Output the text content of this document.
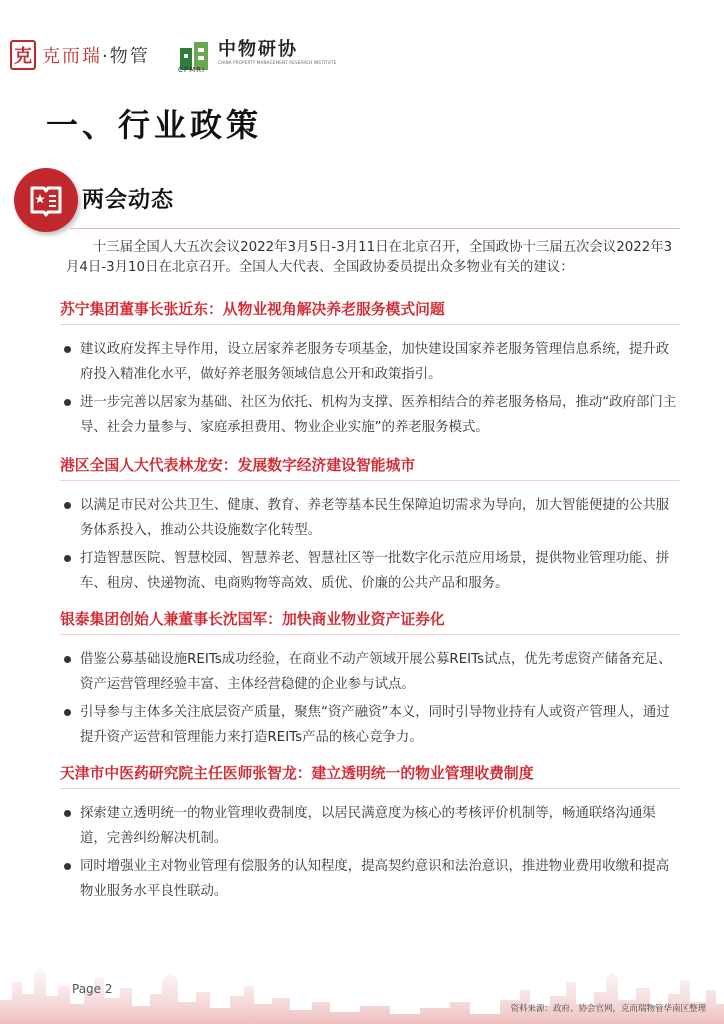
克 克而瑞·物管	中物研协
CHINA PROPERTY MANAGEMENT RESEARCH INSTITUTE
CPMRI
一、行业政策
两会动态

十三届全国人大五次会议2022年3月5日-3月11日在北京召开，全国政协十三届五次会议2022年3月4日-3月10日在北京召开。全国人大代表、全国政协委员提出众多物业有关的建议：

苏宁集团董事长张近东：从物业视角解决养老服务模式问题

建议政府发挥主导作用，设立居家养老服务专项基金，加快建设国家养老服务管理信息系统，提升政府投入精准化水平，做好养老服务领域信息公开和政策指引。
进一步完善以居家为基础、社区为依托、机构为支撑、医养相结合的养老服务格局，推动“政府部门主导、社会力量参与、家庭承担费用、物业企业实施”的养老服务模式。

港区全国人大代表林龙安：发展数字经济建设智能城市

以满足市民对公共卫生、健康、教育、养老等基本民生保障迫切需求为导向，加大智能便捷的公共服务体系投入，推动公共设施数字化转型。
打造智慧医院、智慧校园、智慧养老、智慧社区等一批数字化示范应用场景，提供物业管理功能、拼车、租房、快递物流、电商购物等高效、质优、价廉的公共产品和服务。

银泰集团创始人兼董事长沈国军：加快商业物业资产证券化

借鉴公募基础设施REITs成功经验，在商业不动产领域开展公募REITs试点，优先考虑资产储备充足、资产运营管理经验丰富、主体经营稳健的企业参与试点。
引导参与主体多关注底层资产质量，聚焦“资产融资”本义，同时引导物业持有人或资产管理人，通过提升资产运营和管理能力来打造REITs产品的核心竞争力。

天津市中医药研究院主任医师张智龙：建立透明统一的物业管理收费制度

探索建立透明统一的物业管理收费制度，以居民满意度为核心的考核评价机制等，畅通联络沟通渠道，完善纠纷解决机制。
同时增强业主对物业管理有偿服务的认知程度，提高契约意识和法治意识，推进物业费用收缴和提高物业服务水平良性联动。
Page 2
资料来源：政府、协会官网，克而瑞物管华南区整理
